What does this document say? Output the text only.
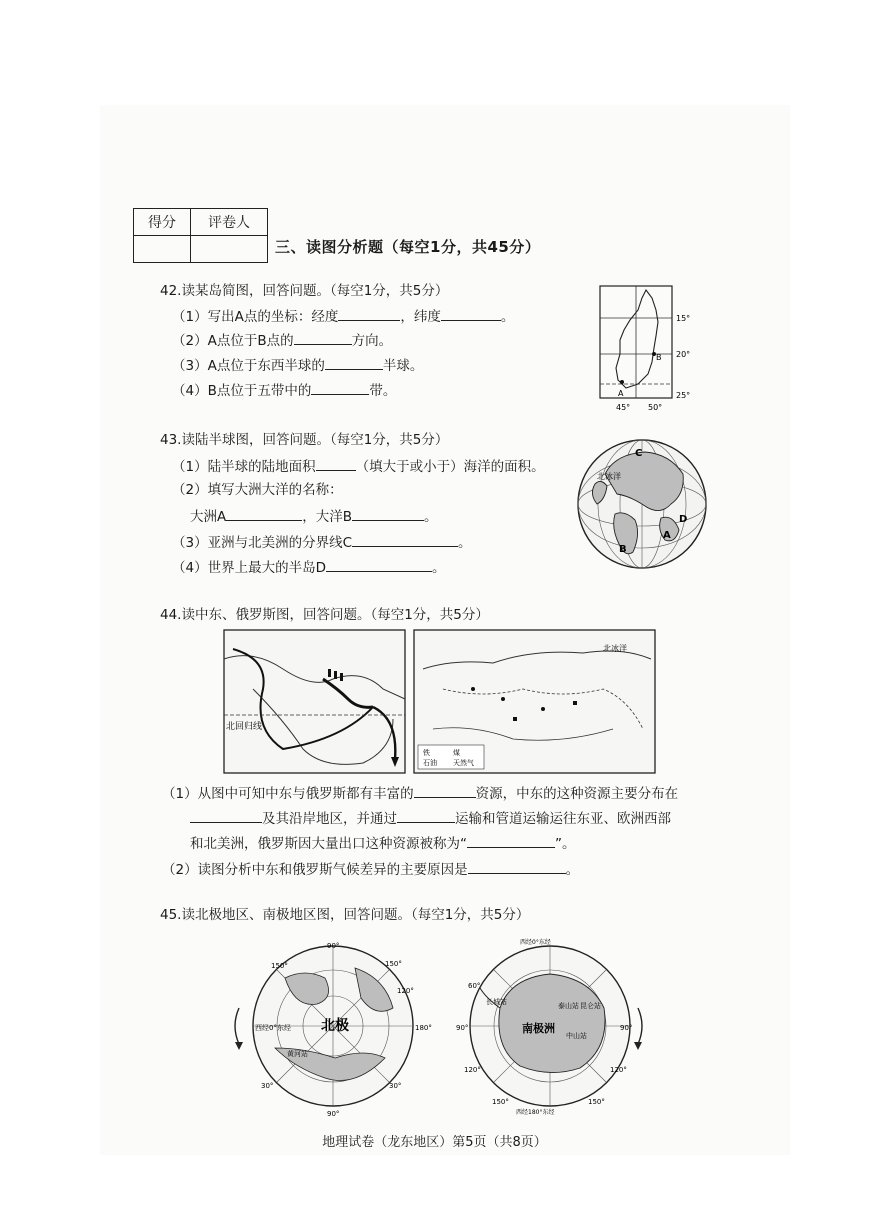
得分	评卷人

三、读图分析题（每空1分，共45分）
42.读某岛简图，回答问题。（每空1分，共5分）
（1）写出A点的坐标：经度	，纬度	。
（2）A点位于B点的	方向。
（3）A点位于东西半球的	半球。
（4）B点位于五带中的	带。	A
B
15°
20°
25°
45° 50°
43.读陆半球图，回答问题。（每空1分，共5分）
（1）陆半球的陆地面积	（填大于或小于）海洋的面积。
（2）填写大洲大洋的名称：
大洲A	，大洋B	。
（3）亚洲与北美洲的分界线C	。
（4）世界上最大的半岛D	。
C
北冰洋
A
B
D
44.读中东、俄罗斯图，回答问题。（每空1分，共5分）
北回归线
北冰洋
铁	煤
石油 天然气
（1）从图中可知中东与俄罗斯都有丰富的	资源，中东的这种资源主要分布在
及其沿岸地区，并通过	运输和管道运输运往东亚、欧洲西部
和北美洲，俄罗斯因大量出口这种资源被称为“	”。
（2）读图分析中东和俄罗斯气候差异的主要原因是	。
45.读北极地区、南极地区图，回答问题。（每空1分，共5分）
北极
西经0°东经
90°
90°
150°
30°
180°
30°
120°
150°
黄河站
南极洲
西经0°东经
西经180°东经
60°
90°
120°
150°
90°
150°
120°
长城站	泰山站
中山站
昆仑站
地理试卷（龙东地区）第5页（共8页）
